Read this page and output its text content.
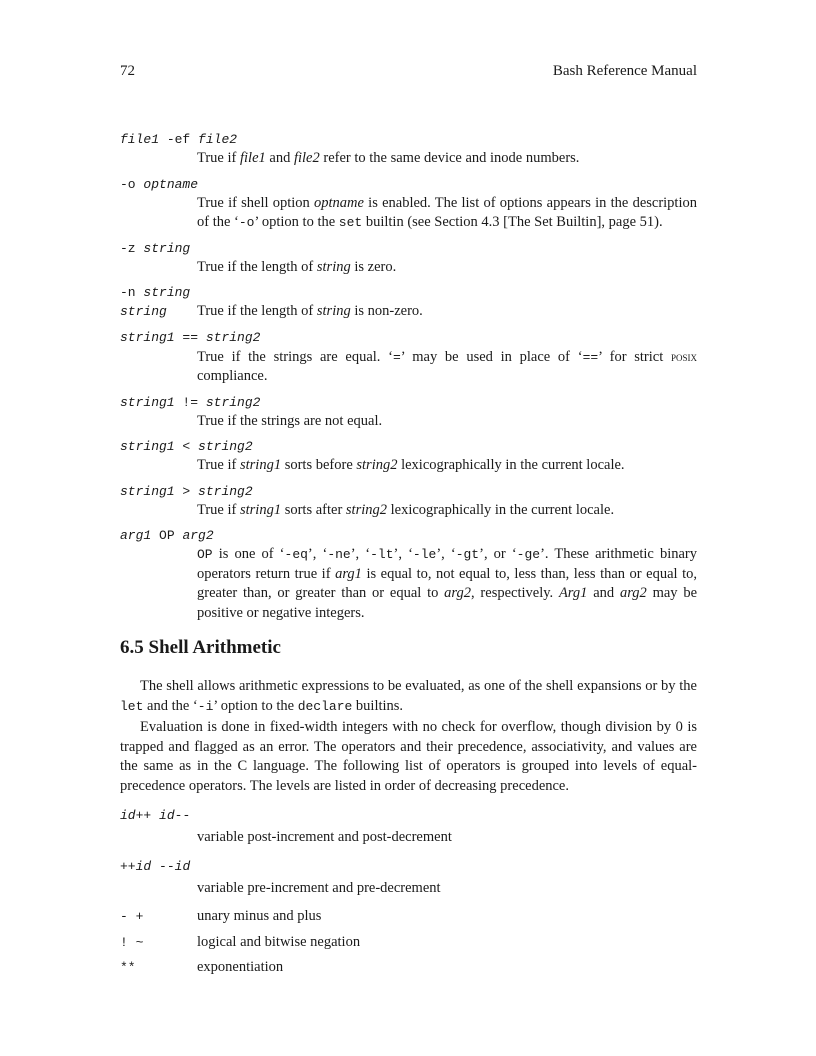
72	Bash Reference Manual
file1 -ef file2
True if file1 and file2 refer to the same device and inode numbers.
-o optname
True if shell option optname is enabled. The list of options appears in the description of the ‘-o’ option to the set builtin (see Section 4.3 [The Set Builtin], page 51).
-z string
True if the length of string is zero.
-n string
string	True if the length of string is non-zero.
string1 == string2
True if the strings are equal. ‘=’ may be used in place of ‘==’ for strict posix compliance.
string1 != string2
True if the strings are not equal.
string1 < string2
True if string1 sorts before string2 lexicographically in the current locale.
string1 > string2
True if string1 sorts after string2 lexicographically in the current locale.
arg1 OP arg2
OP is one of ‘-eq’, ‘-ne’, ‘-lt’, ‘-le’, ‘-gt’, or ‘-ge’. These arithmetic binary operators return true if arg1 is equal to, not equal to, less than, less than or equal to, greater than, or greater than or equal to arg2, respectively. Arg1 and arg2 may be positive or negative integers.
6.5 Shell Arithmetic

The shell allows arithmetic expressions to be evaluated, as one of the shell expansions or by the let and the ‘-i’ option to the declare builtins.

Evaluation is done in fixed-width integers with no check for overflow, though division by 0 is trapped and flagged as an error. The operators and their precedence, associativity, and values are the same as in the C language. The following list of operators is grouped into levels of equal-precedence operators. The levels are listed in order of decreasing precedence.

id++ id--
variable post-increment and post-decrement
++id --id
variable pre-increment and pre-decrement
- +	unary minus and plus
! ~	logical and bitwise negation
**	exponentiation
